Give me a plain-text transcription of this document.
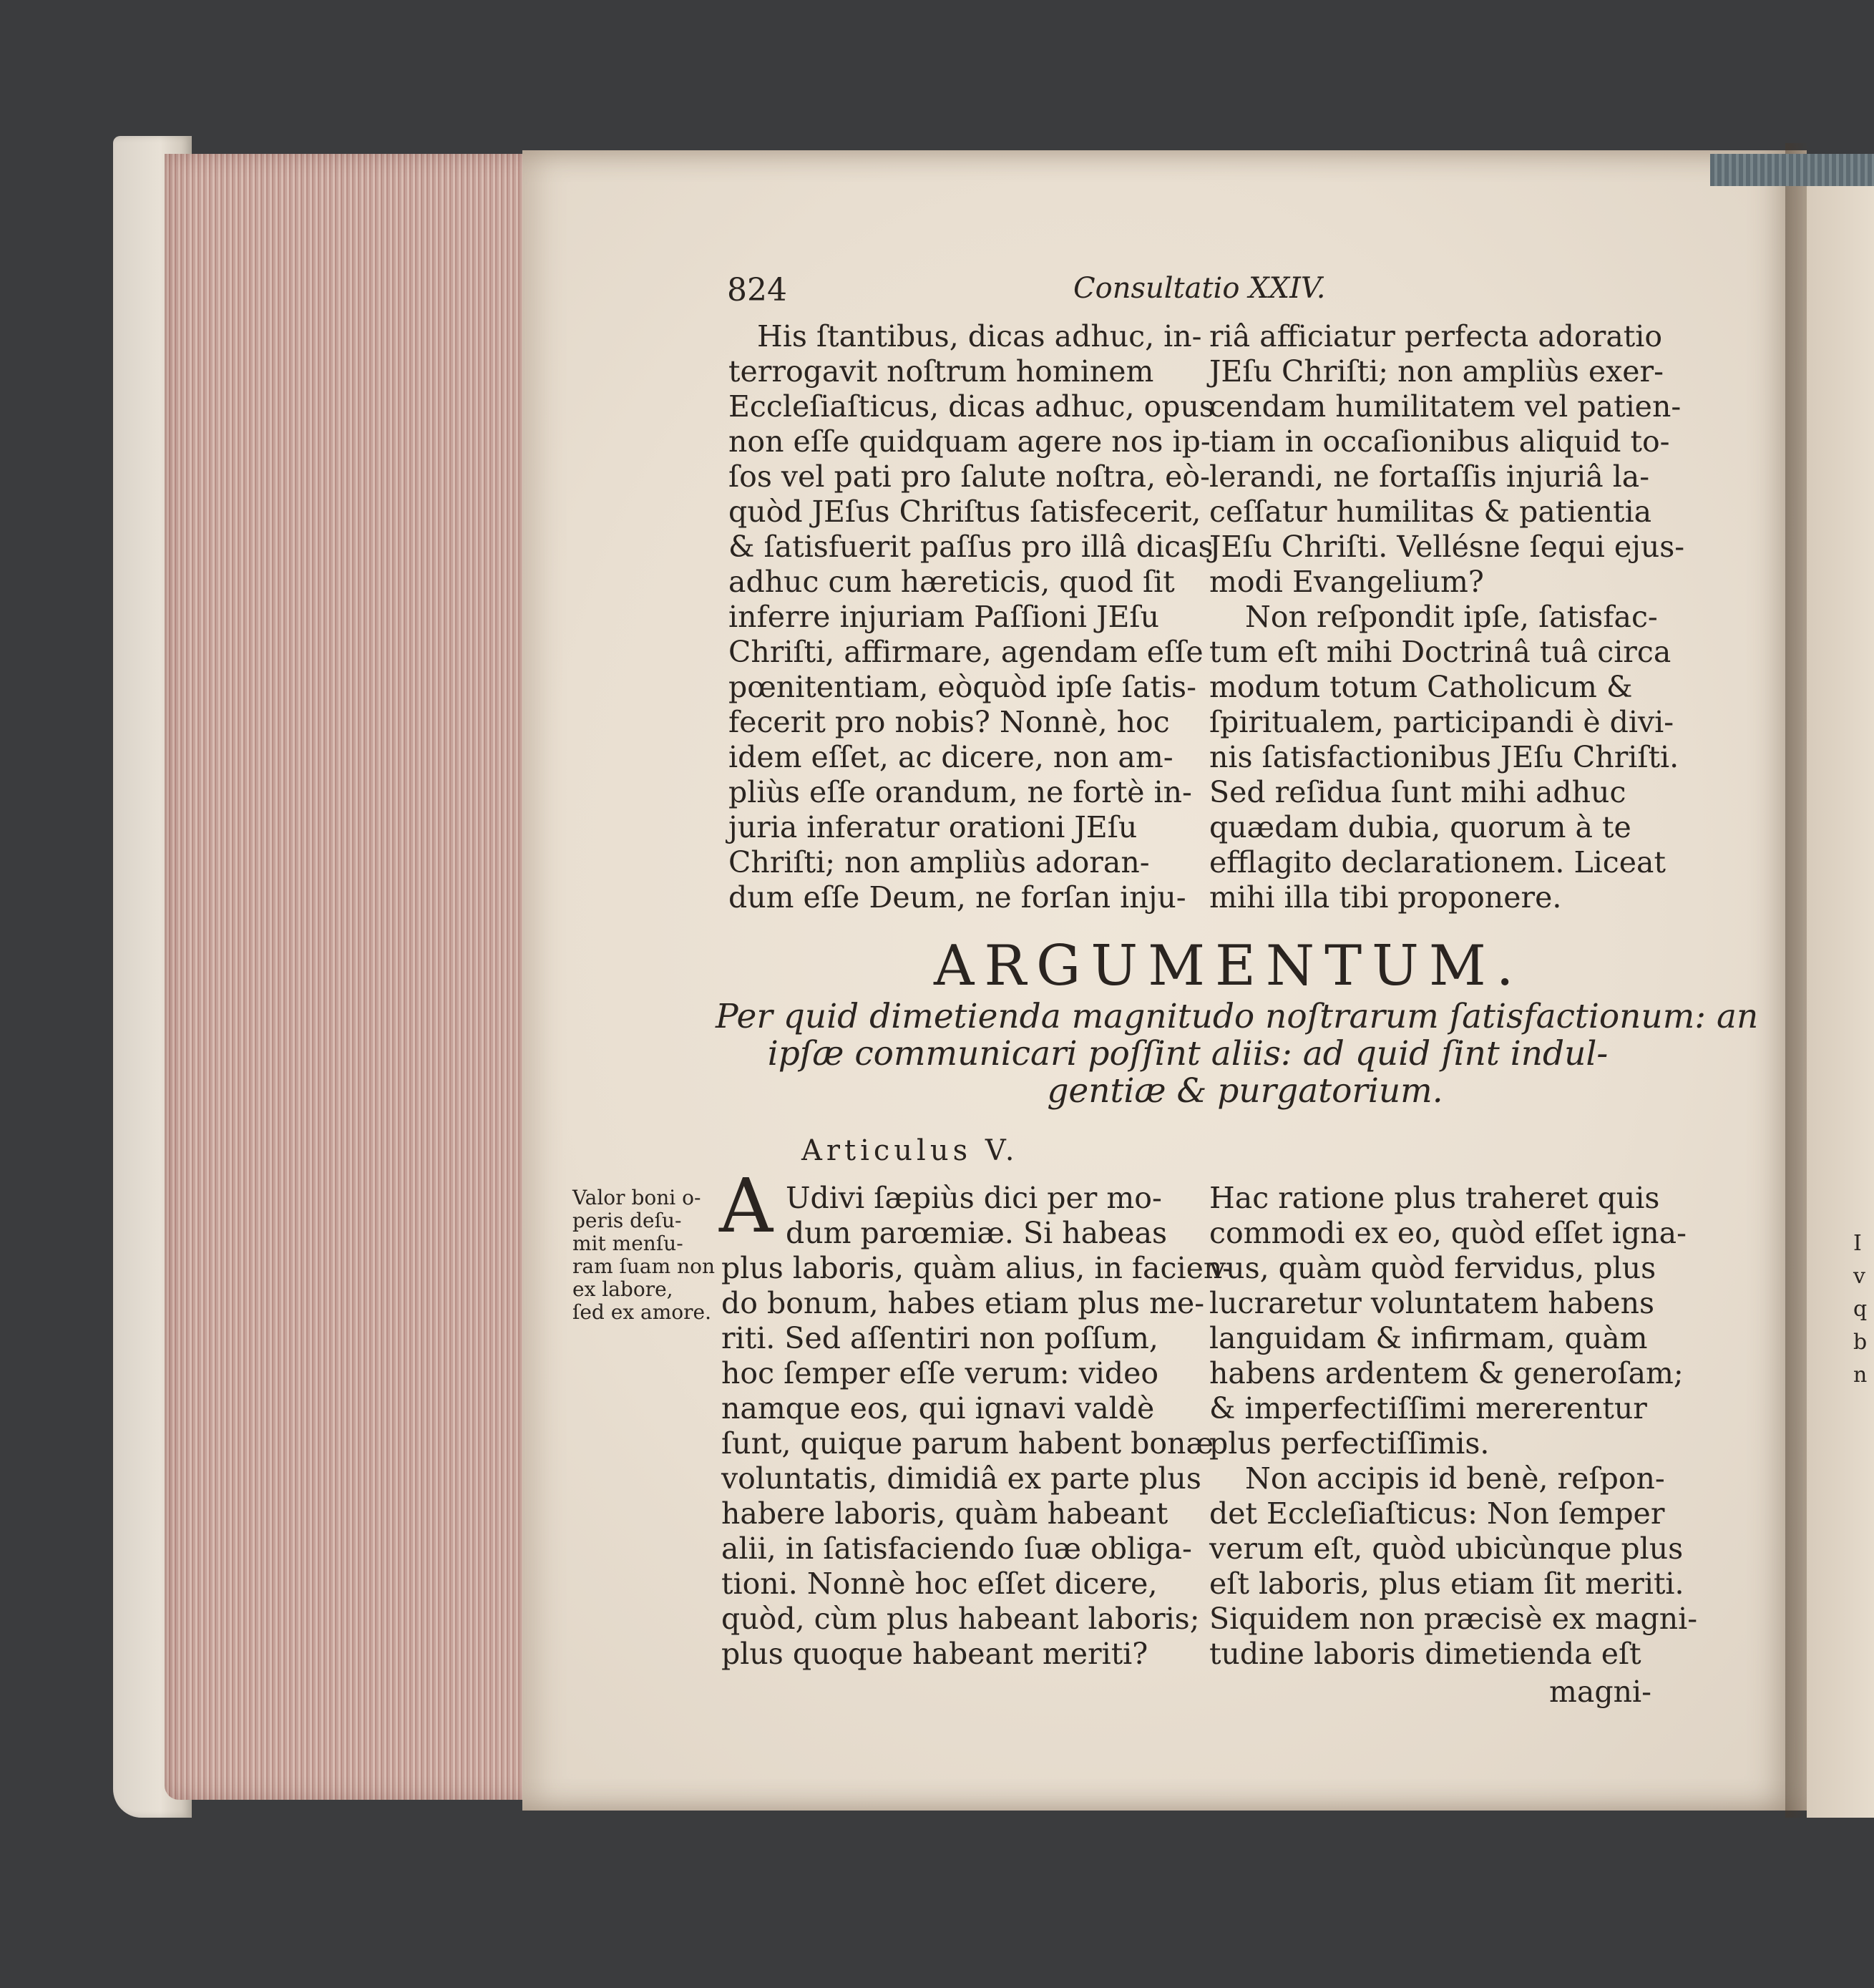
824	Consultatio XXIV.
His ſtantibus, dicas adhuc, in-
terrogavit noſtrum hominem
Eccleſiaſticus, dicas adhuc, opus
non eſſe quidquam agere nos ip-
ſos vel pati pro ſalute noſtra, eò-
quòd JEſus Chriſtus ſatisfecerit,
& ſatisfuerit paſſus pro illâ dicas
adhuc cum hæreticis, quod ſit
inferre injuriam Paſſioni JEſu
Chriſti, affirmare, agendam eſſe
pœnitentiam, eòquòd ipſe ſatis-
fecerit pro nobis? Nonnè, hoc
idem eſſet, ac dicere, non am-
pliùs eſſe orandum, ne fortè in-
juria inferatur orationi JEſu
Chriſti; non ampliùs adoran-
dum eſſe Deum, ne forſan inju-
riâ afficiatur perfecta adoratio
JEſu Chriſti; non ampliùs exer-
cendam humilitatem vel patien-
tiam in occaſionibus aliquid to-
lerandi, ne fortaſſis injuriâ la-
ceſſatur humilitas & patientia
JEſu Chriſti. Vellésne ſequi ejus-
modi Evangelium?
Non reſpondit ipſe, ſatisfac-
tum eſt mihi Doctrinâ tuâ circa
modum totum Catholicum &
ſpiritualem, participandi è divi-
nis ſatisfactionibus JEſu Chriſti.
Sed reſidua ſunt mihi adhuc
quædam dubia, quorum à te
efflagito declarationem. Liceat
mihi illa tibi proponere.
ARGUMENTUM.
Per quid dimetienda magnitudo noſtrarum ſatisfactionum: an
ipſæ communicari poſſint aliis: ad quid ſint indul-
gentiæ & purgatorium.
Articulus V.
Valor boni o-
peris deſu-
mit menſu-
ram ſuam non
ex labore,
ſed ex amore.
A Udivi ſæpiùs dici per mo-
dum parœmiæ. Si habeas
plus laboris, quàm alius, in facien-
do bonum, habes etiam plus me-
riti. Sed aſſentiri non poſſum,
hoc ſemper eſſe verum: video
namque eos, qui ignavi valdè
ſunt, quique parum habent bonæ
voluntatis, dimidiâ ex parte plus
habere laboris, quàm habeant
alii, in ſatisfaciendo ſuæ obliga-
tioni. Nonnè hoc eſſet dicere,
quòd, cùm plus habeant laboris;
plus quoque habeant meriti?
Hac ratione plus traheret quis
commodi ex eo, quòd eſſet igna-
vus, quàm quòd fervidus, plus
lucraretur voluntatem habens
languidam & infirmam, quàm
habens ardentem & generoſam;
& imperfectiſſimi mererentur
plus perfectiſſimis.
Non accipis id benè, reſpon-
det Eccleſiaſticus: Non ſemper
verum eſt, quòd ubicùnque plus
eſt laboris, plus etiam ſit meriti.
Siquidem non præcisè ex magni-
tudine laboris dimetienda eſt
magni-
I
v
q
b
n
